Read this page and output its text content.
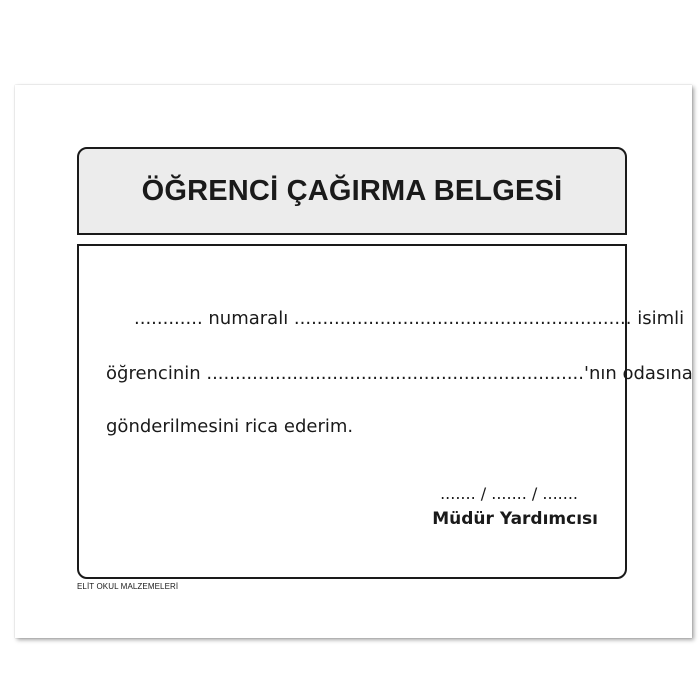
ÖĞRENCİ ÇAĞIRMA BELGESİ
............ numaralı ........................................................... isimli
öğrencinin ..................................................................'nın odasına
gönderilmesini rica ederim.
....... / ....... / .......
Müdür Yardımcısı
ELİT OKUL MALZEMELERİ
